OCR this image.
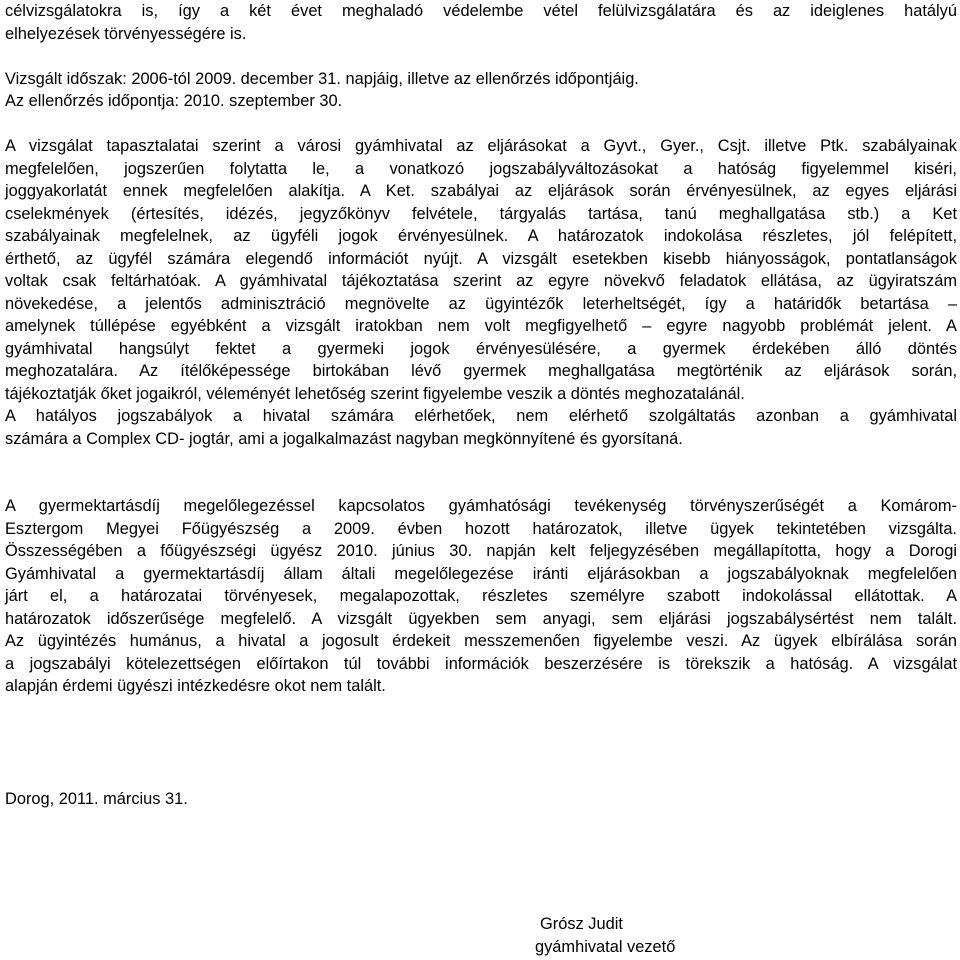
célvizsgálatokra is, így a két évet meghaladó védelembe vétel felülvizsgálatára és az ideiglenes hatályú
elhelyezések törvényességére is.
Vizsgált időszak: 2006-tól 2009. december 31. napjáig, illetve az ellenőrzés időpontjáig.
Az ellenőrzés időpontja: 2010. szeptember 30.
A vizsgálat tapasztalatai szerint a városi gyámhivatal az eljárásokat a Gyvt., Gyer., Csjt. illetve Ptk. szabályainak
megfelelően, jogszerűen folytatta le, a vonatkozó jogszabályváltozásokat a hatóság figyelemmel kiséri,
joggyakorlatát ennek megfelelően alakítja. A Ket. szabályai az eljárások során érvényesülnek, az egyes eljárási
cselekmények (értesítés, idézés, jegyzőkönyv felvétele, tárgyalás tartása, tanú meghallgatása stb.) a Ket
szabályainak megfelelnek, az ügyféli jogok érvényesülnek. A határozatok indokolása részletes, jól felépített,
érthető, az ügyfél számára elegendő információt nyújt. A vizsgált esetekben kisebb hiányosságok, pontatlanságok
voltak csak feltárhatóak. A gyámhivatal tájékoztatása szerint az egyre növekvő feladatok ellátása, az ügyiratszám
növekedése, a jelentős adminisztráció megnövelte az ügyintézők leterheltségét, így a határidők betartása –
amelynek túllépése egyébként a vizsgált iratokban nem volt megfigyelhető – egyre nagyobb problémát jelent. A
gyámhivatal hangsúlyt fektet a gyermeki jogok érvényesülésére, a gyermek érdekében álló döntés
meghozatalára. Az ítélőképessége birtokában lévő gyermek meghallgatása megtörténik az eljárások során,
tájékoztatják őket jogaikról, véleményét lehetőség szerint figyelembe veszik a döntés meghozatalánál.
A hatályos jogszabályok a hivatal számára elérhetőek, nem elérhető szolgáltatás azonban a gyámhivatal
számára a Complex CD- jogtár, ami a jogalkalmazást nagyban megkönnyítené és gyorsítaná.
A gyermektartásdíj megelőlegezéssel kapcsolatos gyámhatósági tevékenység törvényszerűségét a Komárom-
Esztergom Megyei Főügyészség a 2009. évben hozott határozatok, illetve ügyek tekintetében vizsgálta.
Összességében a főügyészségi ügyész 2010. június 30. napján kelt feljegyzésében megállapította, hogy a Dorogi
Gyámhivatal a gyermektartásdíj állam általi megelőlegezése iránti eljárásokban a jogszabályoknak megfelelően
járt el, a határozatai törvényesek, megalapozottak, részletes személyre szabott indokolással ellátottak. A
határozatok időszerűsége megfelelő. A vizsgált ügyekben sem anyagi, sem eljárási jogszabálysértést nem talált.
Az ügyintézés humánus, a hivatal a jogosult érdekeit messzemenően figyelembe veszi. Az ügyek elbírálása során
a jogszabályi kötelezettségen előírtakon túl további információk beszerzésére is törekszik a hatóság. A vizsgálat
alapján érdemi ügyészi intézkedésre okot nem talált.
Dorog, 2011. március 31.
Grósz Judit
gyámhivatal vezető
